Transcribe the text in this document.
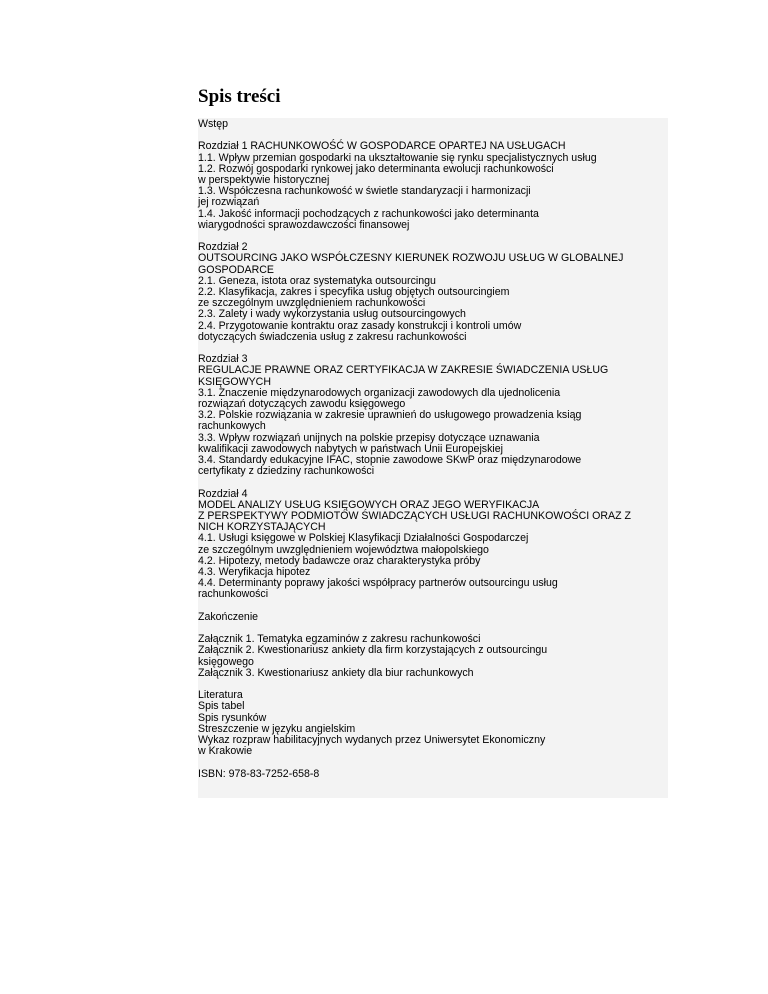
Spis treści
Wstęp
Rozdział 1 RACHUNKOWOŚĆ W GOSPODARCE OPARTEJ NA USŁUGACH
1.1. Wpływ przemian gospodarki na ukształtowanie się rynku specjalistycznych usług
1.2. Rozwój gospodarki rynkowej jako determinanta ewolucji rachunkowości
w perspektywie historycznej
1.3. Współczesna rachunkowość w świetle standaryzacji i harmonizacji
jej rozwiązań
1.4. Jakość informacji pochodzących z rachunkowości jako determinanta
wiarygodności sprawozdawczości finansowej
Rozdział 2
OUTSOURCING JAKO WSPÓŁCZESNY KIERUNEK ROZWOJU USŁUG W GLOBALNEJ
GOSPODARCE
2.1. Geneza, istota oraz systematyka outsourcingu
2.2. Klasyfikacja, zakres i specyfika usług objętych outsourcingiem
ze szczególnym uwzględnieniem rachunkowości
2.3. Zalety i wady wykorzystania usług outsourcingowych
2.4. Przygotowanie kontraktu oraz zasady konstrukcji i kontroli umów
dotyczących świadczenia usług z zakresu rachunkowości
Rozdział 3
REGULACJE PRAWNE ORAZ CERTYFIKACJA W ZAKRESIE ŚWIADCZENIA USŁUG
KSIĘGOWYCH
3.1. Znaczenie międzynarodowych organizacji zawodowych dla ujednolicenia
rozwiązań dotyczących zawodu księgowego
3.2. Polskie rozwiązania w zakresie uprawnień do usługowego prowadzenia ksiąg
rachunkowych
3.3. Wpływ rozwiązań unijnych na polskie przepisy dotyczące uznawania
kwalifikacji zawodowych nabytych w państwach Unii Europejskiej
3.4. Standardy edukacyjne IFAC, stopnie zawodowe SKwP oraz międzynarodowe
certyfikaty z dziedziny rachunkowości
Rozdział 4
MODEL ANALIZY USŁUG KSIĘGOWYCH ORAZ JEGO WERYFIKACJA
Z PERSPEKTYWY PODMIOTÓW ŚWIADCZĄCYCH USŁUGI RACHUNKOWOŚCI ORAZ Z
NICH KORZYSTAJĄCYCH
4.1. Usługi księgowe w Polskiej Klasyfikacji Działalności Gospodarczej
ze szczególnym uwzględnieniem województwa małopolskiego
4.2. Hipotezy, metody badawcze oraz charakterystyka próby
4.3. Weryfikacja hipotez
4.4. Determinanty poprawy jakości współpracy partnerów outsourcingu usług
rachunkowości
Zakończenie
Załącznik 1. Tematyka egzaminów z zakresu rachunkowości
Załącznik 2. Kwestionariusz ankiety dla firm korzystających z outsourcingu
księgowego
Załącznik 3. Kwestionariusz ankiety dla biur rachunkowych
Literatura
Spis tabel
Spis rysunków
Streszczenie w języku angielskim
Wykaz rozpraw habilitacyjnych wydanych przez Uniwersytet Ekonomiczny
w Krakowie
ISBN: 978-83-7252-658-8
